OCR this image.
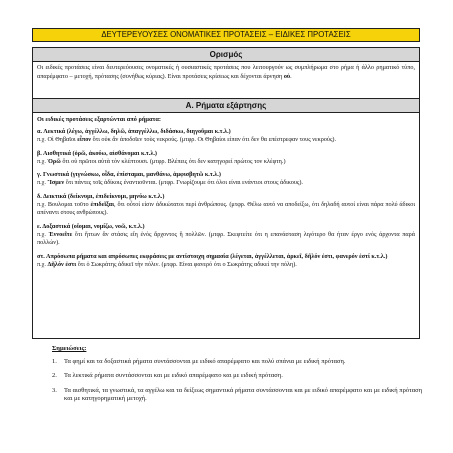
ΔΕΥΤΕΡΕΥΟΥΣΕΣ ΟΝΟΜΑΤΙΚΕΣ ΠΡΟΤΑΣΕΙΣ – ΕΙΔΙΚΕΣ ΠΡΟΤΑΣΕΙΣ
Ορισμός
Οι ειδικές προτάσεις είναι δευτερεύουσες ονοματικές ή ουσιαστικές προτάσεις που λειτουργούν ως συμπλήρωμα στο ρήμα ή άλλο ρηματικό τύπο, απαρέμφατο – μετοχή, πρότασης (συνήθως κύριας). Είναι προτάσεις κρίσεως και δέχονται άρνηση οὐ.
Α. Ρήματα εξάρτησης
Οι ειδικές προτάσεις εξαρτώνται από ρήματα:
α. Λεκτικά (λέγω, ἀγγέλλω, δηλῶ, ἀπαγγέλλω, διδάσκω, διηγοῦμαι κ.τ.λ.)
π.χ. Οἱ Θηβαῖοι εἶπον ὅτι οὐκ ἂν ἀποδοῖεν τοὺς νεκρούς. (μτφρ. Οι Θηβαίοι είπαν ότι δεν θα επέστρεφαν τους νεκρούς).
β. Αισθητικά (ὁρῶ, ἀκούω, αἰσθάνομαι κ.τ.λ.)
π.χ. Ὁρῶ ὅτι οὐ πρῶτοι αὐτὰ τὸν κλέπτουσι. (μτφρ. Βλέπεις ότι δεν κατηγορεί πρώτος τον κλέφτη.)
γ. Γνωστικά (γιγνώσκω, οἶδα, ἐπίσταμαι, μανθάνω, ἀμφισβητῶ κ.τ.λ.)
π.χ. Ἴσμεν ὅτι πάντες τοῖς ἀδίκοις ἐναντιοῦνται. (μτφρ. Γνωρίζουμε ότι όλοι είναι ενάντιοι στους άδικους).
δ. Δεικτικά (δείκνυμι, ἐπιδείκνυμι, μηνύω κ.τ.λ.)
π.χ. Βουλομαι τοῦτο ἐπιδεῖξαι, ὅτι οὗτοί εἰσιν ἀδικώτατοι περί ἀνθρώπους. (μτφρ. Θέλω αυτό να αποδείξω, ότι δηλαδή αυτοί είναι πάρα πολύ άδικοι απέναντι στους ανθρώπους).
ε. Δοξαστικά (οἴομαι, νομίζω, νοῶ, κ.τ.λ.)
π.χ. Ἐννοεῖτε ὅτι ἥττων ἂν στάσις εἴη ἐνός ἄρχοντος ἢ πολλῶν. (μτφρ. Σκεφτείτε ότι η επανάσταση λιγότερο θα ήταν έργο ενός άρχοντα παρά πολλών).
στ. Απρόσωπα ρήματα και απρόσωπες εκφράσεις με αντίστοιχη σημασία (λέγεται, ἀγγέλλεται, ἀρκεῖ, δῆλόν ἐστι, φανερόν ἐστί κ.τ.λ.)
π.χ. Δῆλόν ἐστι ὅτι ὁ Σωκράτης ἀδικεῖ τὴν πόλιν. (μτφρ. Είναι φανερό ότι ο Σωκράτης αδικεί την πόλη).
Σημειώσεις:
1.	Τα φημί και τα δοξαστικά ρήματα συντάσσονται με ειδικό απαρέμφατο και πολύ σπάνια με ειδική πρόταση.
2.	Τα λεκτικά ρήματα συντάσσονται και με ειδικό απαρέμφατο και με ειδική πρόταση.
3.	Τα αισθητικά, τα γνωστικά, τα αγγέλω και τα δείξεως σημαντικά ρήματα συντάσσονται και με ειδικό απαρέμφατο και με ειδική πρόταση και με κατηγορηματική μετοχή.
